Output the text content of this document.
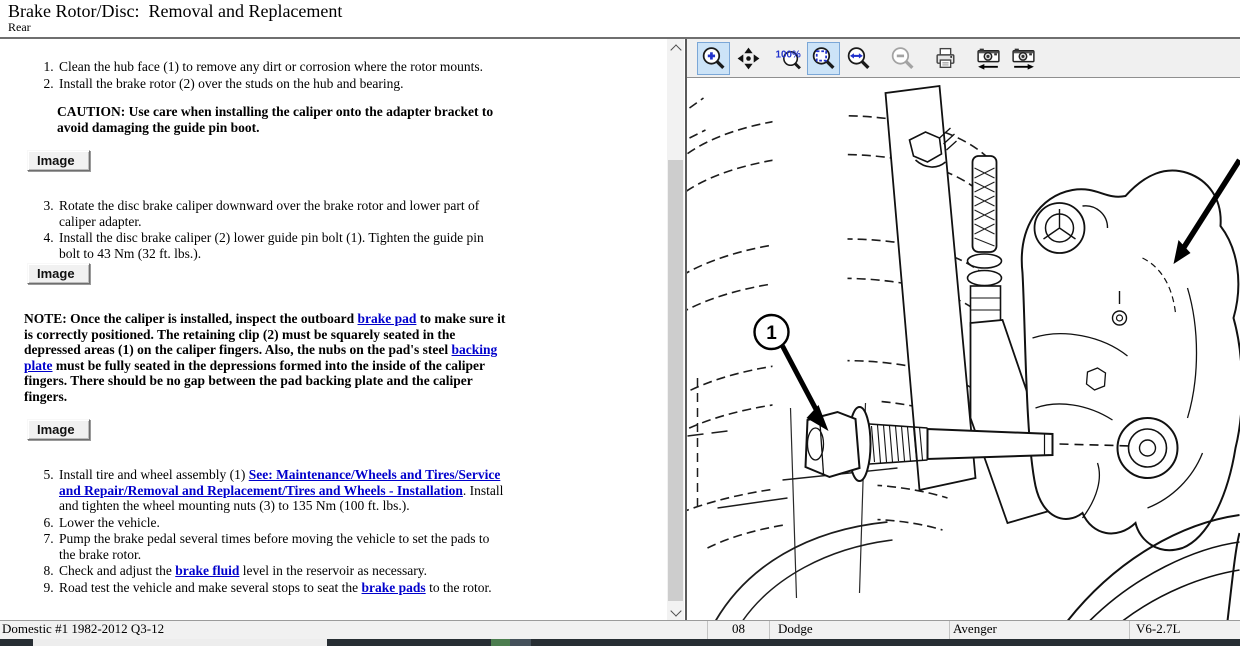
Brake Rotor/Disc:  Removal and Replacement
Rear
1. Clean the hub face (1) to remove any dirt or corrosion where the rotor mounts.
2. Install the brake rotor (2) over the studs on the hub and bearing.

CAUTION: Use care when installing the caliper onto the adapter bracket to avoid damaging the guide pin boot.

Image
3. Rotate the disc brake caliper downward over the brake rotor and lower part of caliper adapter.
4. Install the disc brake caliper (2) lower guide pin bolt (1). Tighten the guide pin bolt to 43 Nm (32 ft. lbs.).
Image

NOTE: Once the caliper is installed, inspect the outboard brake pad to make sure it is correctly positioned. The retaining clip (2) must be squarely seated in the depressed areas (1) on the caliper fingers. Also, the nubs on the pad's steel backing plate must be fully seated in the depressions formed into the inside of the caliper fingers. There should be no gap between the pad backing plate and the caliper fingers.

Image
5. Install tire and wheel assembly (1) See: Maintenance/Wheels and Tires/Service and Repair/Removal and Replacement/Tires and Wheels - Installation. Install and tighten the wheel mounting nuts (3) to 135 Nm (100 ft. lbs.).
6. Lower the vehicle.
7. Pump the brake pedal several times before moving the vehicle to set the pads to the brake rotor.
8. Check and adjust the brake fluid level in the reservoir as necessary.
9. Road test the vehicle and make several stops to seat the brake pads to the rotor.
100%
1
Domestic #1 1982-2012 Q3-12	08	Dodge	Avenger	V6-2.7L
